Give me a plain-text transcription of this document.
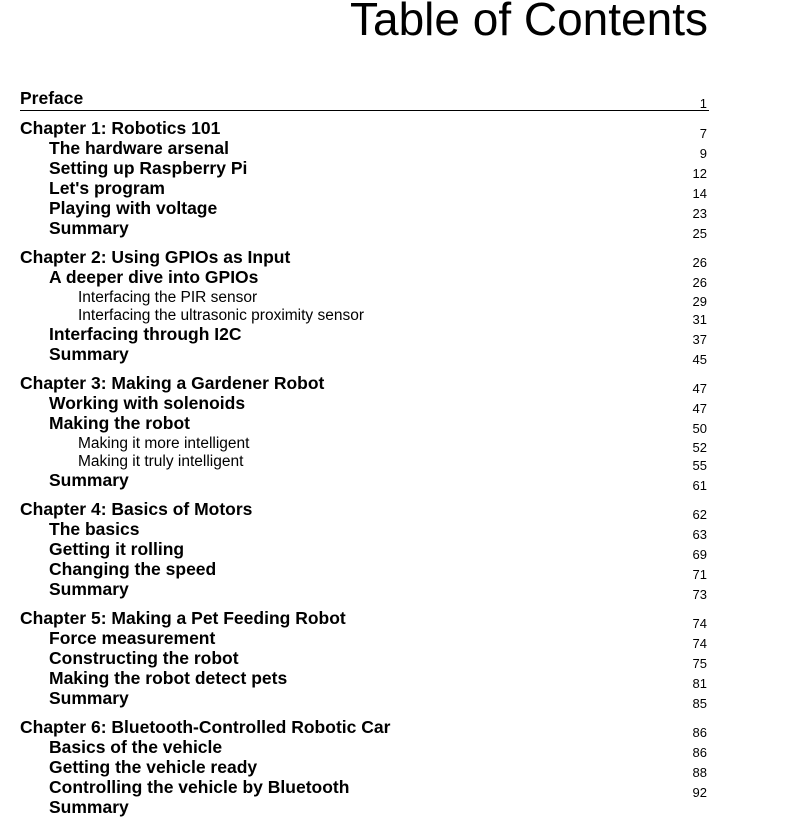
Table of Contents
Preface	1
Chapter 1: Robotics 101	7
The hardware arsenal	9
Setting up Raspberry Pi	12
Let's program	14
Playing with voltage	23
Summary	25
Chapter 2: Using GPIOs as Input	26
A deeper dive into GPIOs	26
Interfacing the PIR sensor	29
Interfacing the ultrasonic proximity sensor	31
Interfacing through I2C	37
Summary	45
Chapter 3: Making a Gardener Robot	47
Working with solenoids	47
Making the robot	50
Making it more intelligent	52
Making it truly intelligent	55
Summary	61
Chapter 4: Basics of Motors	62
The basics	63
Getting it rolling	69
Changing the speed	71
Summary	73
Chapter 5: Making a Pet Feeding Robot	74
Force measurement	74
Constructing the robot	75
Making the robot detect pets	81
Summary	85
Chapter 6: Bluetooth-Controlled Robotic Car	86
Basics of the vehicle	86
Getting the vehicle ready	88
Controlling the vehicle by Bluetooth	92
Summary
